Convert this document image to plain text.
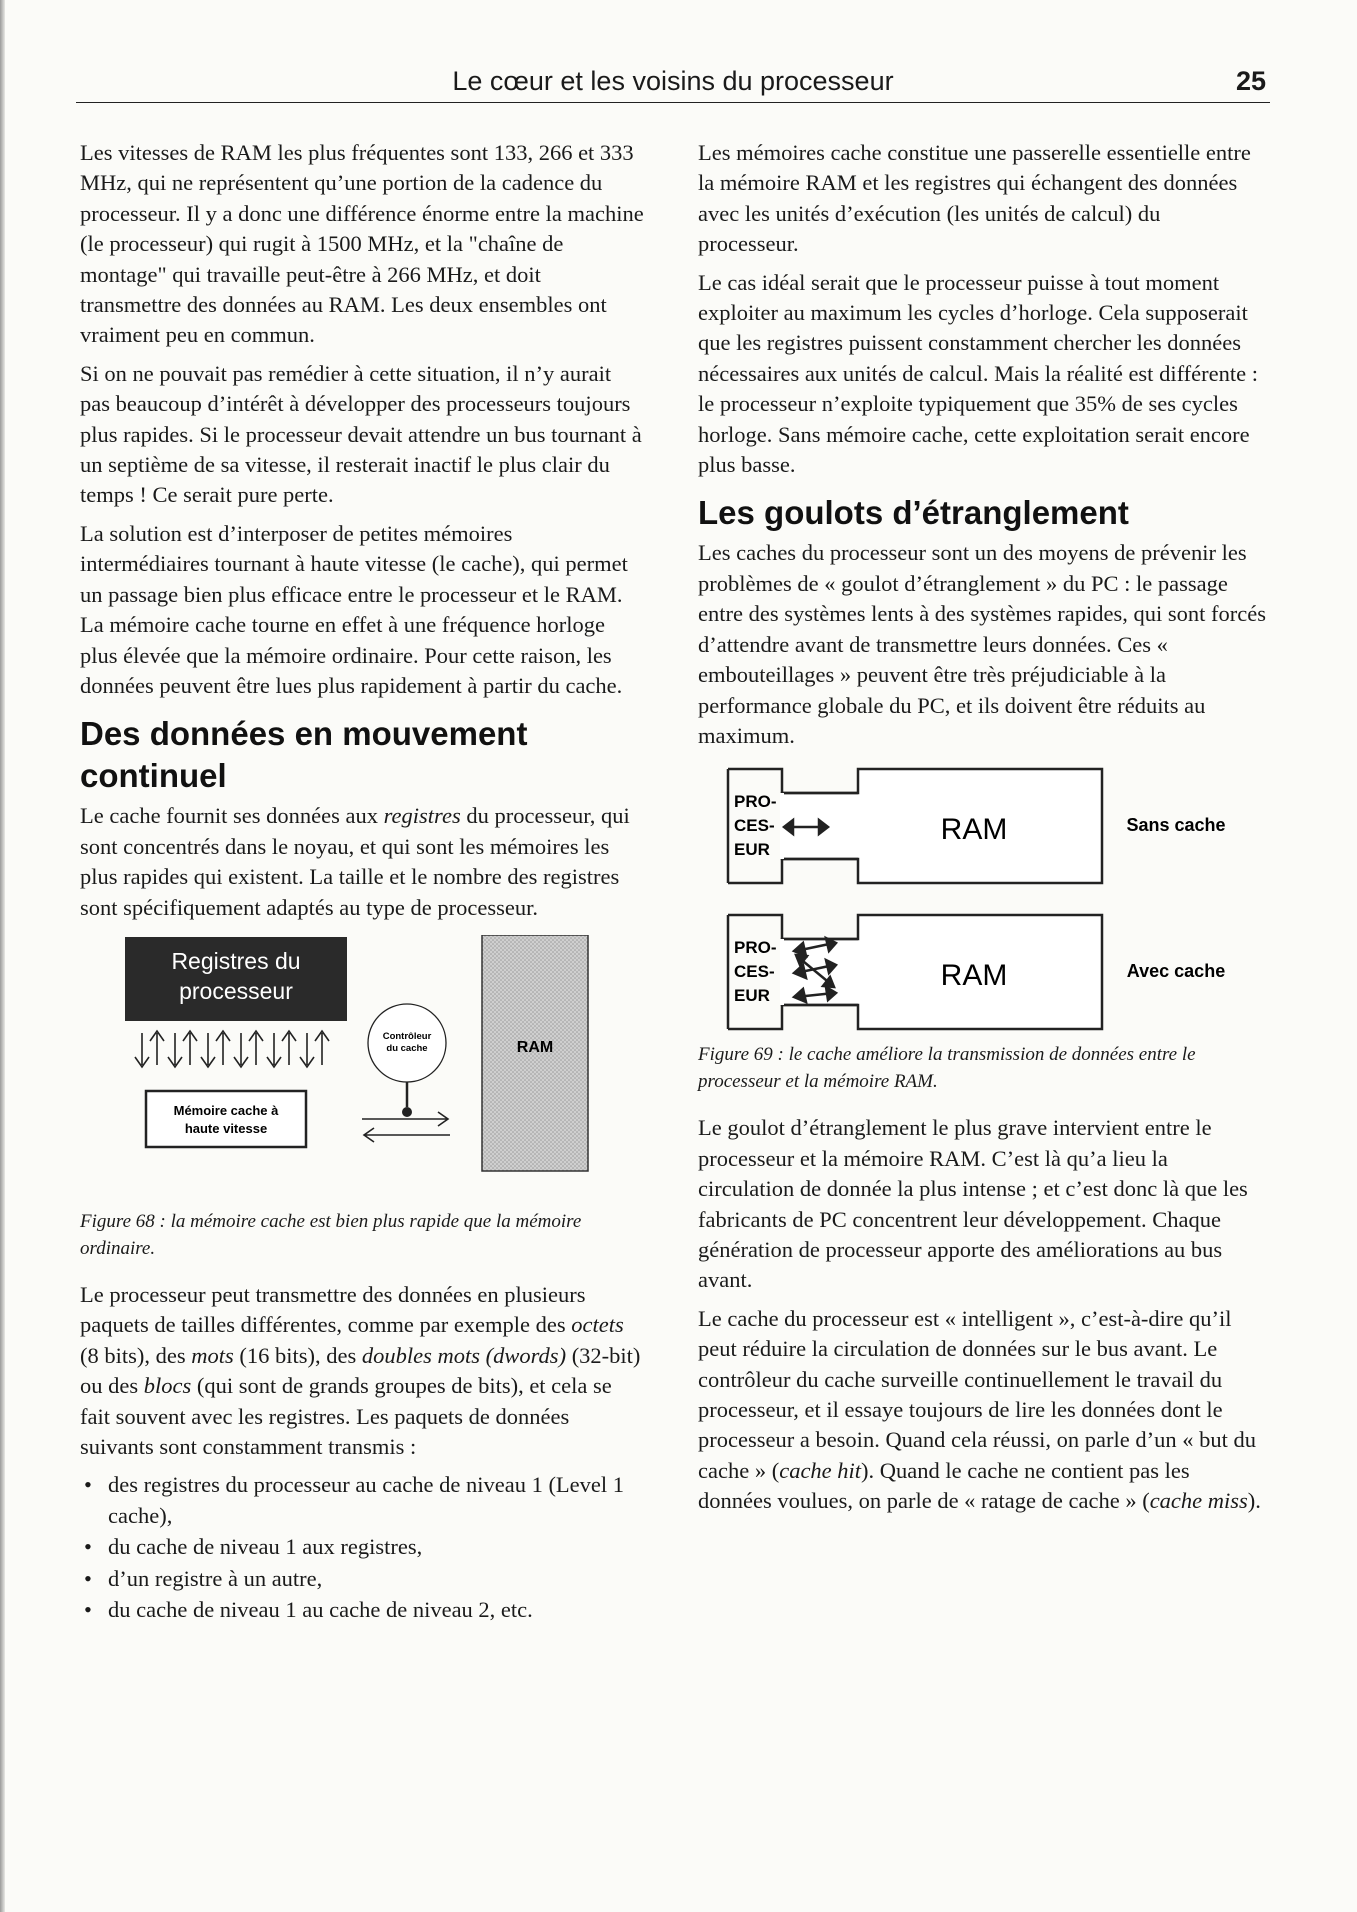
Le cœur et les voisins du processeur	25

Les vitesses de RAM les plus fréquentes sont 133, 266 et 333 MHz, qui ne représentent qu’une portion de la cadence du processeur. Il y a donc une différence énorme entre la machine (le processeur) qui rugit à 1500 MHz, et la "chaîne de montage" qui travaille peut-être à 266 MHz, et doit transmettre des données au RAM. Les deux ensembles ont vraiment peu en commun.

Si on ne pouvait pas remédier à cette situation, il n’y aurait pas beaucoup d’intérêt à développer des processeurs toujours plus rapides. Si le processeur devait attendre un bus tournant à un septième de sa vitesse, il resterait inactif le plus clair du temps ! Ce serait pure perte.

La solution est d’interposer de petites mémoires intermédiaires tournant à haute vitesse (le cache), qui permet un passage bien plus efficace entre le processeur et le RAM. La mémoire cache tourne en effet à une fréquence horloge plus élevée que la mémoire ordinaire. Pour cette raison, les données peuvent être lues plus rapidement à partir du cache.

Des données en mouvement continuel

Le cache fournit ses données aux registres du processeur, qui sont concentrés dans le noyau, et qui sont les mémoires les plus rapides qui existent. La taille et le nombre des registres sont spécifiquement adaptés au type de processeur.

Registres du
processeur
Mémoire cache à
haute vitesse
Contrôleur
du cache	RAM
Figure 68 : la mémoire cache est bien plus rapide que la mémoire ordinaire.

Le processeur peut transmettre des données en plusieurs paquets de tailles différentes, comme par exemple des octets (8 bits), des mots (16 bits), des doubles mots (dwords) (32-bit) ou des blocs (qui sont de grands groupes de bits), et cela se fait souvent avec les registres. Les paquets de données suivants sont constamment transmis :

• des registres du processeur au cache de niveau 1 (Level 1 cache),
• du cache de niveau 1 aux registres,
• d’un registre à un autre,
• du cache de niveau 1 au cache de niveau 2, etc.

Les mémoires cache constitue une passerelle essentielle entre la mémoire RAM et les registres qui échangent des données avec les unités d’exécution (les unités de calcul) du processeur.

Le cas idéal serait que le processeur puisse à tout moment exploiter au maximum les cycles d’horloge. Cela supposerait que les registres puissent constamment chercher les données nécessaires aux unités de calcul. Mais la réalité est différente : le processeur n’exploite typiquement que 35% de ses cycles horloge. Sans mémoire cache, cette exploitation serait encore plus basse.

Les goulots d’étranglement

Les caches du processeur sont un des moyens de prévenir les problèmes de « goulot d’étranglement » du PC : le passage entre des systèmes lents à des systèmes rapides, qui sont forcés d’attendre avant de transmettre leurs données. Ces « embouteillages » peuvent être très préjudiciable à la performance globale du PC, et ils doivent être réduits au maximum.

PRO-
CES-
EUR
RAM	Sans cache
PRO-
CES-
EUR
RAM	Avec cache
Figure 69 : le cache améliore la transmission de données entre le processeur et la mémoire RAM.

Le goulot d’étranglement le plus grave intervient entre le processeur et la mémoire RAM. C’est là qu’a lieu la circulation de donnée la plus intense ; et c’est donc là que les fabricants de PC concentrent leur développement. Chaque génération de processeur apporte des améliorations au bus avant.

Le cache du processeur est « intelligent », c’est-à-dire qu’il peut réduire la circulation de données sur le bus avant. Le contrôleur du cache surveille continuellement le travail du processeur, et il essaye toujours de lire les données dont le processeur a besoin. Quand cela réussi, on parle d’un « but du cache » (cache hit). Quand le cache ne contient pas les données voulues, on parle de « ratage de cache » (cache miss).
